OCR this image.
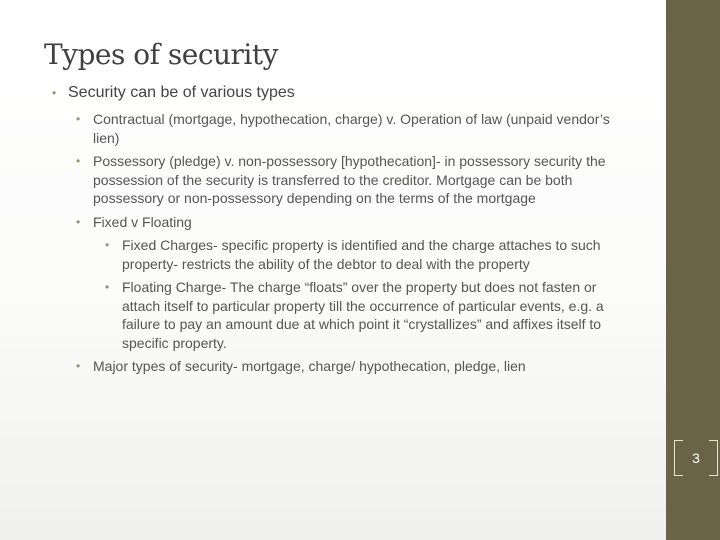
Types of security
• Security can be of various types
• Contractual (mortgage, hypothecation, charge) v. Operation of law (unpaid vendor’s lien)
• Possessory (pledge) v. non-possessory [hypothecation]- in possessory security the possession of the security is transferred to the creditor. Mortgage can be both possessory or non-possessory depending on the terms of the mortgage
• Fixed v Floating
• Fixed Charges- specific property is identified and the charge attaches to such property- restricts the ability of the debtor to deal with the property
• Floating Charge- The charge “floats” over the property but does not fasten or attach itself to particular property till the occurrence of particular events, e.g. a failure to pay an amount due at which point it “crystallizes” and affixes itself to specific property.
• Major types of security- mortgage, charge/ hypothecation, pledge, lien
3
